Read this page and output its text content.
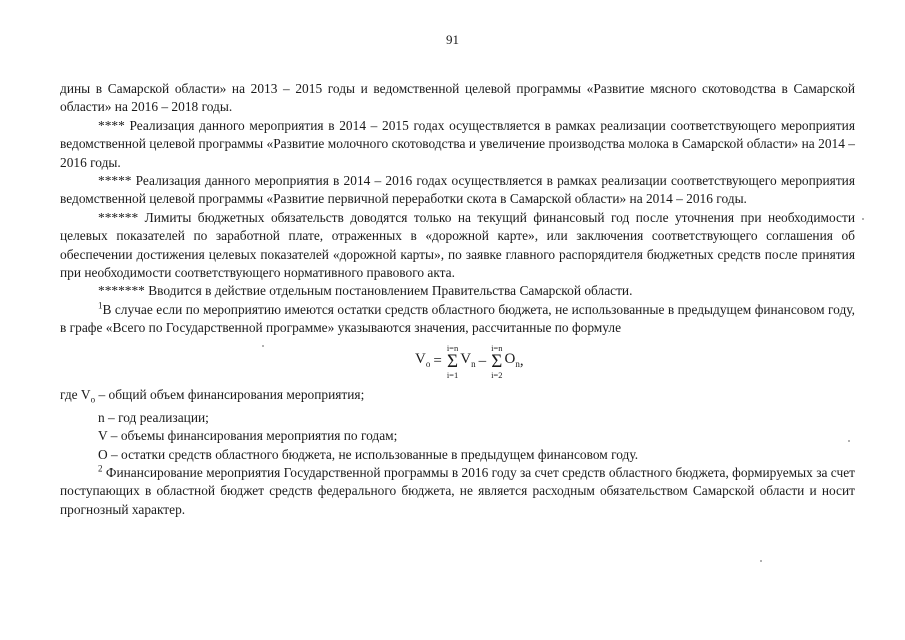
91

дины в Самарской области» на 2013 – 2015 годы и ведомственной целевой программы «Развитие мясного скотоводства в Самарской области» на 2016 – 2018 годы.

**** Реализация данного мероприятия в 2014 – 2015 годах осуществляется в рамках реализации соответствующего мероприятия ведомственной целевой программы «Развитие молочного скотоводства и увеличение производства молока в Самарской области» на 2014 – 2016 годы.

***** Реализация данного мероприятия в 2014 – 2016 годах осуществляется в рамках реализации соответствующего мероприятия ведомственной целевой программы «Развитие первичной переработки скота в Самарской области» на 2014 – 2016 годы.

****** Лимиты бюджетных обязательств доводятся только на текущий финансовый год после уточнения при необходимости целевых показателей по заработной плате, отраженных в «дорожной карте», или заключения соответствующего соглашения об обеспечении достижения целевых показателей «дорожной карты», по заявке главного распорядителя бюджетных средств после принятия при необходимости соответствующего нормативного правового акта.

******* Вводится в действие отдельным постановлением Правительства Самарской области.

$^1$В случае если по мероприятию имеются остатки средств областного бюджета, не использованные в предыдущем финансовом году, в графе «Всего по Государственной программе» указываются значения, рассчитанные по формуле

$V_o$ =
i=n
Σ
i=1
$V_n$ –
i=n
Σ
i=2
$O_n$ ,

где $V_o$ – общий объем финансирования мероприятия;

n – год реализации;

V – объемы финансирования мероприятия по годам;

O – остатки средств областного бюджета, не использованные в предыдущем финансовом году.

$^2$ Финансирование мероприятия Государственной программы в 2016 году за счет средств областного бюджета, формируемых за счет поступающих в областной бюджет средств федерального бюджета, не является расходным обязательством Самарской области и носит прогнозный характер.
